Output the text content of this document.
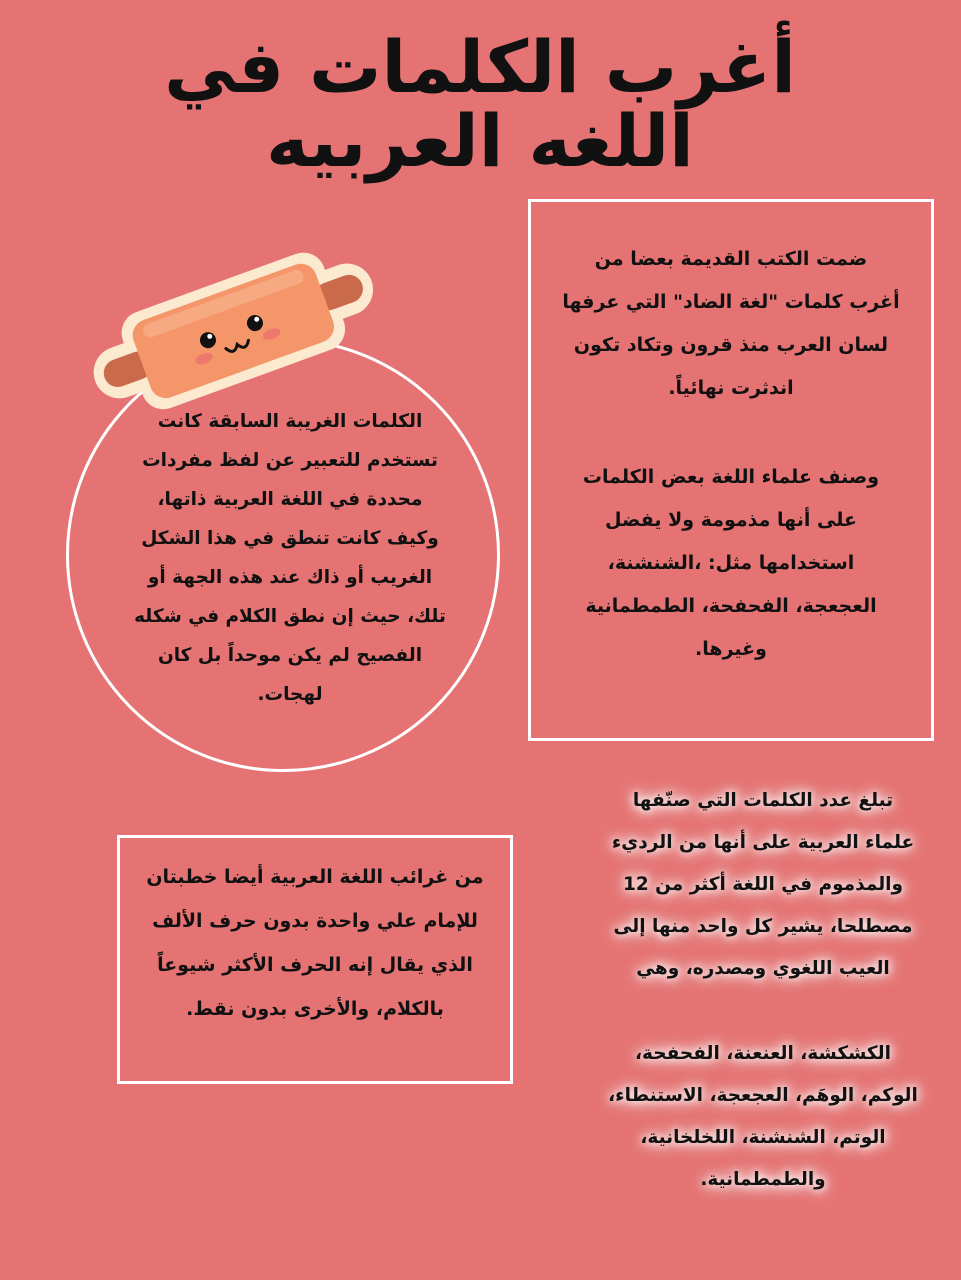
أغرب الكلمات في
اللغه العربيه

ضمت الكتب القديمة بعضا من
أغرب كلمات "لغة الضاد" التي عرفها
لسان العرب منذ قرون وتكاد تكون
اندثرت نهائياً.

وصنف علماء اللغة بعض الكلمات
على أنها مذمومة ولا يفضل
استخدامها مثل: ،الشنشنة،
العجعجة، الفحفحة، الطمطمانية
وغيرها.

الكلمات الغريبة السابقة كانت
تستخدم للتعبير عن لفظ مفردات
محددة في اللغة العربية ذاتها،
وكيف كانت تنطق في هذا الشكل
الغريب أو ذاك عند هذه الجهة أو
تلك، حيث إن نطق الكلام في شكله
الفصيح لم يكن موحداً بل كان
لهجات.

من غرائب اللغة العربية أيضا خطبتان
للإمام علي واحدة بدون حرف الألف
الذي يقال إنه الحرف الأكثر شيوعاً
بالكلام، والأخرى بدون نقط.

تبلغ عدد الكلمات التي صنّفها
علماء العربية على أنها من الرديء
والمذموم في اللغة أكثر من 12
مصطلحا، يشير كل واحد منها إلى
العيب اللغوي ومصدره، وهي

الكشكشة، العنعنة، الفحفحة،
الوكم، الوهَم، العجعجة، الاستنطاء،
الوتم، الشنشنة، اللخلخانية،
والطمطمانية.
